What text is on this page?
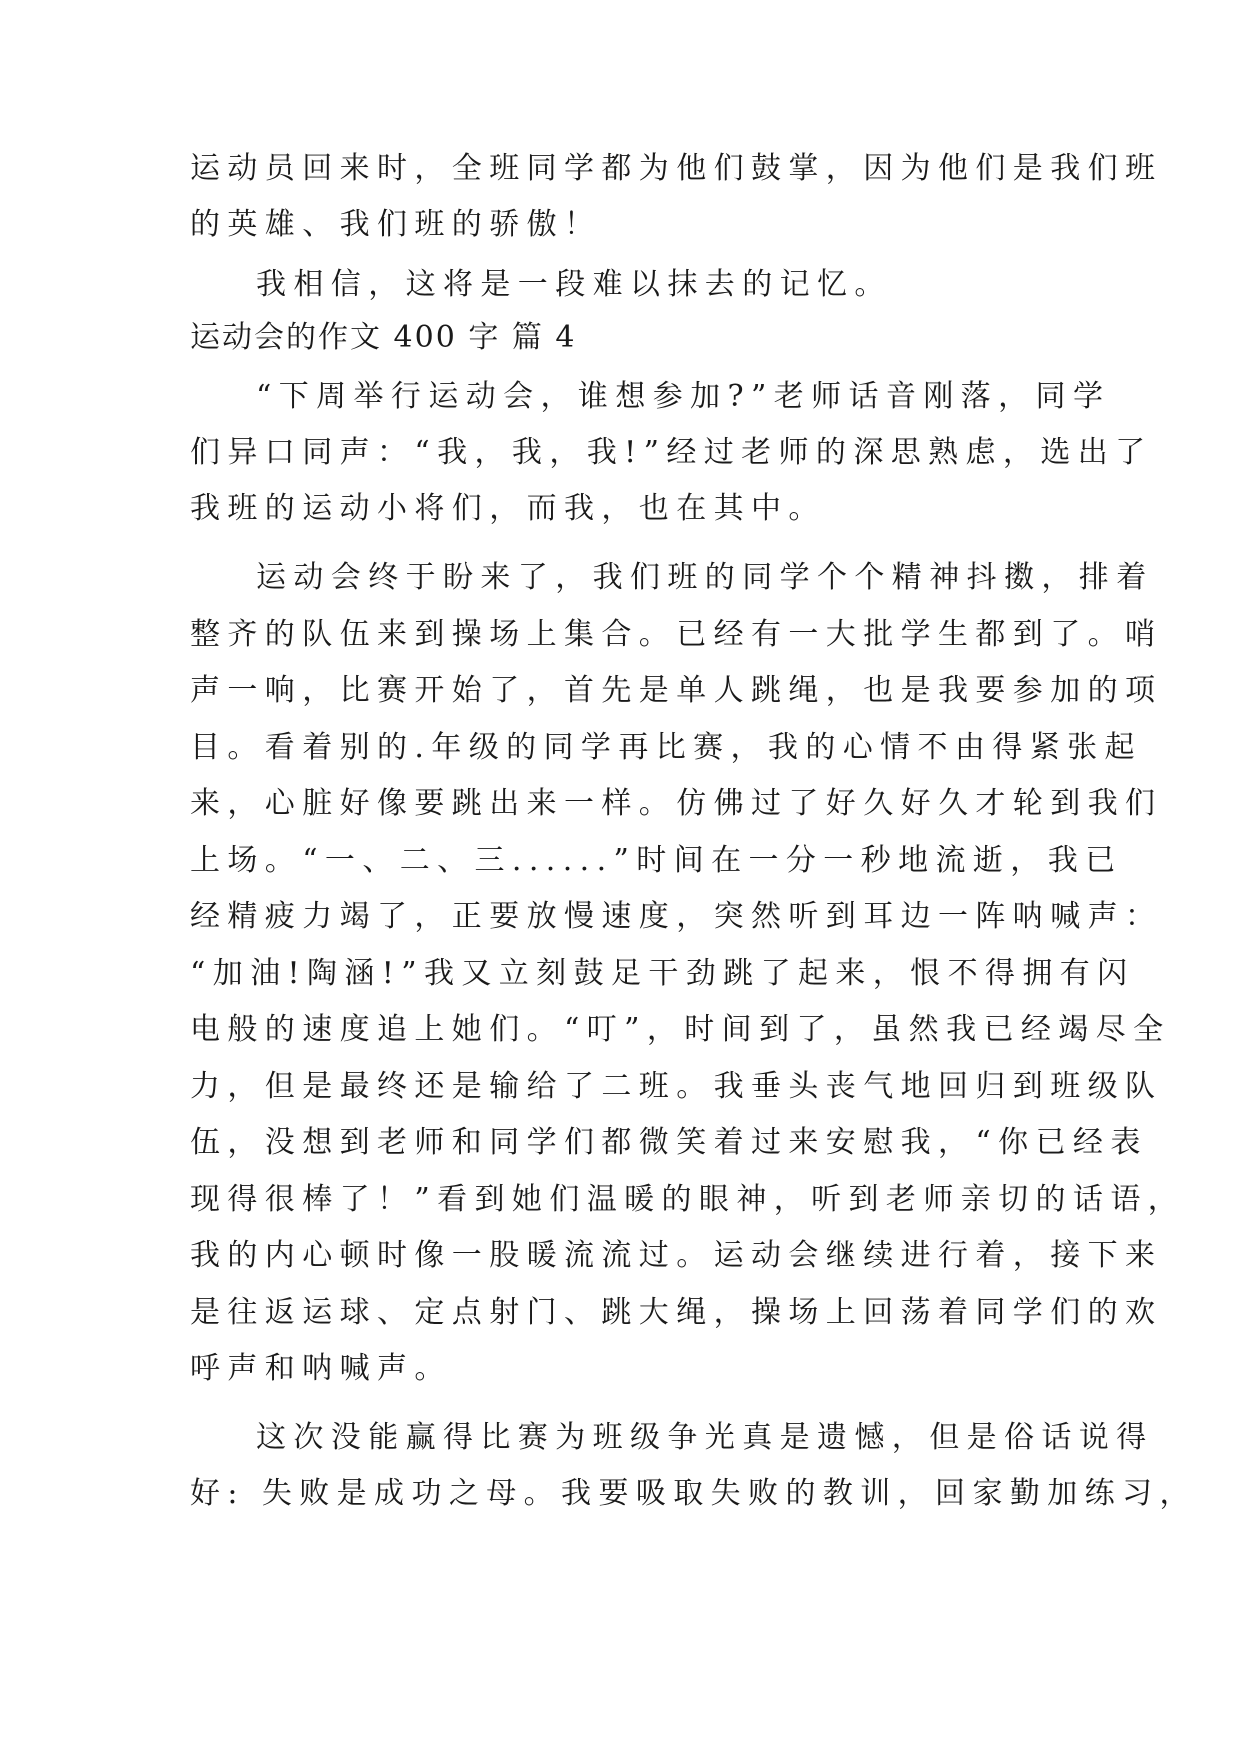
运动员回来时，全班同学都为他们鼓掌，因为他们是我们班
的英雄、我们班的骄傲！
我相信，这将是一段难以抹去的记忆。
运动会的作文 400 字 篇 4
“下周举行运动会，谁想参加?”老师话音刚落，同学
们异口同声：“我，我，我!”经过老师的深思熟虑，选出了
我班的运动小将们，而我，也在其中。
运动会终于盼来了，我们班的同学个个精神抖擞，排着
整齐的队伍来到操场上集合。已经有一大批学生都到了。哨
声一响，比赛开始了，首先是单人跳绳，也是我要参加的项
目。看着别的.年级的同学再比赛，我的心情不由得紧张起
来，心脏好像要跳出来一样。仿佛过了好久好久才轮到我们
上场。“一、二、三......”时间在一分一秒地流逝，我已
经精疲力竭了，正要放慢速度，突然听到耳边一阵呐喊声：
“加油!陶涵!”我又立刻鼓足干劲跳了起来，恨不得拥有闪
电般的速度追上她们。“叮”，时间到了，虽然我已经竭尽全
力，但是最终还是输给了二班。我垂头丧气地回归到班级队
伍，没想到老师和同学们都微笑着过来安慰我，“你已经表
现得很棒了！”看到她们温暖的眼神，听到老师亲切的话语，
我的内心顿时像一股暖流流过。运动会继续进行着，接下来
是往返运球、定点射门、跳大绳，操场上回荡着同学们的欢
呼声和呐喊声。
这次没能赢得比赛为班级争光真是遗憾，但是俗话说得
好: 失败是成功之母。我要吸取失败的教训，回家勤加练习，
